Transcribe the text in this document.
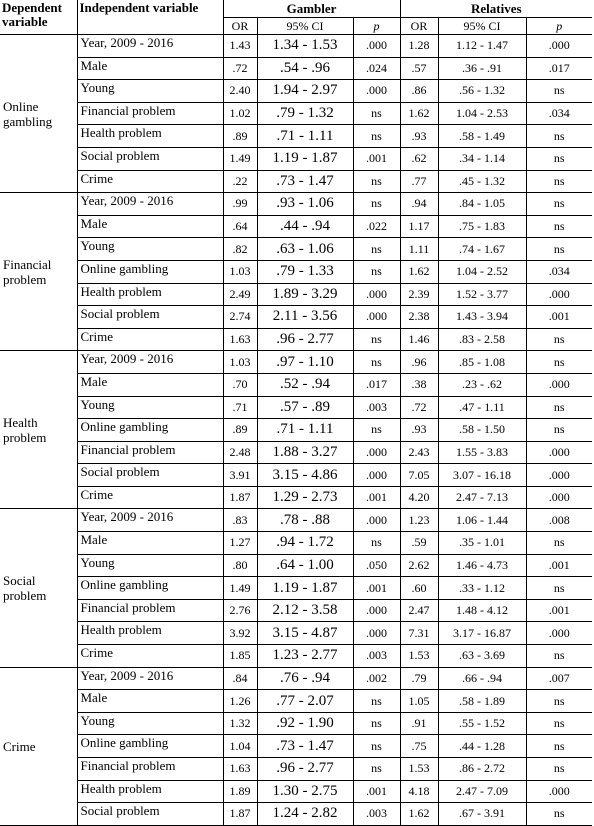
Dependent variable	Independent variable	Gambler			Relatives		
		OR	95% CI	p	OR	95% CI	p
Online gambling	Year, 2009 - 2016	1.43	1.34 - 1.53	.000	1.28	1.12 - 1.47	.000
	Male	.72	.54 - .96	.024	.57	.36 - .91	.017
	Young	2.40	1.94 - 2.97	.000	.86	.56 - 1.32	ns
	Financial problem	1.02	.79 - 1.32	ns	1.62	1.04 - 2.53	.034
	Health problem	.89	.71 - 1.11	ns	.93	.58 - 1.49	ns
	Social problem	1.49	1.19 - 1.87	.001	.62	.34 - 1.14	ns
	Crime	.22	.73 - 1.47	ns	.77	.45 - 1.32	ns
Financial problem	Year, 2009 - 2016	.99	.93 - 1.06	ns	.94	.84 - 1.05	ns
	Male	.64	.44 - .94	.022	1.17	.75 - 1.83	ns
	Young	.82	.63 - 1.06	ns	1.11	.74 - 1.67	ns
	Online gambling	1.03	.79 - 1.33	ns	1.62	1.04 - 2.52	.034
	Health problem	2.49	1.89 - 3.29	.000	2.39	1.52 - 3.77	.000
	Social problem	2.74	2.11 - 3.56	.000	2.38	1.43 - 3.94	.001
	Crime	1.63	.96 - 2.77	ns	1.46	.83 - 2.58	ns
Health problem	Year, 2009 - 2016	1.03	.97 - 1.10	ns	.96	.85 - 1.08	ns
	Male	.70	.52 - .94	.017	.38	.23 - .62	.000
	Young	.71	.57 - .89	.003	.72	.47 - 1.11	ns
	Online gambling	.89	.71 - 1.11	ns	.93	.58 - 1.50	ns
	Financial problem	2.48	1.88 - 3.27	.000	2.43	1.55 - 3.83	.000
	Social problem	3.91	3.15 - 4.86	.000	7.05	3.07 - 16.18	.000
	Crime	1.87	1.29 - 2.73	.001	4.20	2.47 - 7.13	.000
Social problem	Year, 2009 - 2016	.83	.78 - .88	.000	1.23	1.06 - 1.44	.008
	Male	1.27	.94 - 1.72	ns	.59	.35 - 1.01	ns
	Young	.80	.64 - 1.00	.050	2.62	1.46 - 4.73	.001
	Online gambling	1.49	1.19 - 1.87	.001	.60	.33 - 1.12	ns
	Financial problem	2.76	2.12 - 3.58	.000	2.47	1.48 - 4.12	.001
	Health problem	3.92	3.15 - 4.87	.000	7.31	3.17 - 16.87	.000
	Crime	1.85	1.23 - 2.77	.003	1.53	.63 - 3.69	ns
Crime	Year, 2009 - 2016	.84	.76 - .94	.002	.79	.66 - .94	.007
	Male	1.26	.77 - 2.07	ns	1.05	.58 - 1.89	ns
	Young	1.32	.92 - 1.90	ns	.91	.55 - 1.52	ns
	Online gambling	1.04	.73 - 1.47	ns	.75	.44 - 1.28	ns
	Financial problem	1.63	.96 - 2.77	ns	1.53	.86 - 2.72	ns
	Health problem	1.89	1.30 - 2.75	.001	4.18	2.47 - 7.09	.000
	Social problem	1.87	1.24 - 2.82	.003	1.62	.67 - 3.91	ns
